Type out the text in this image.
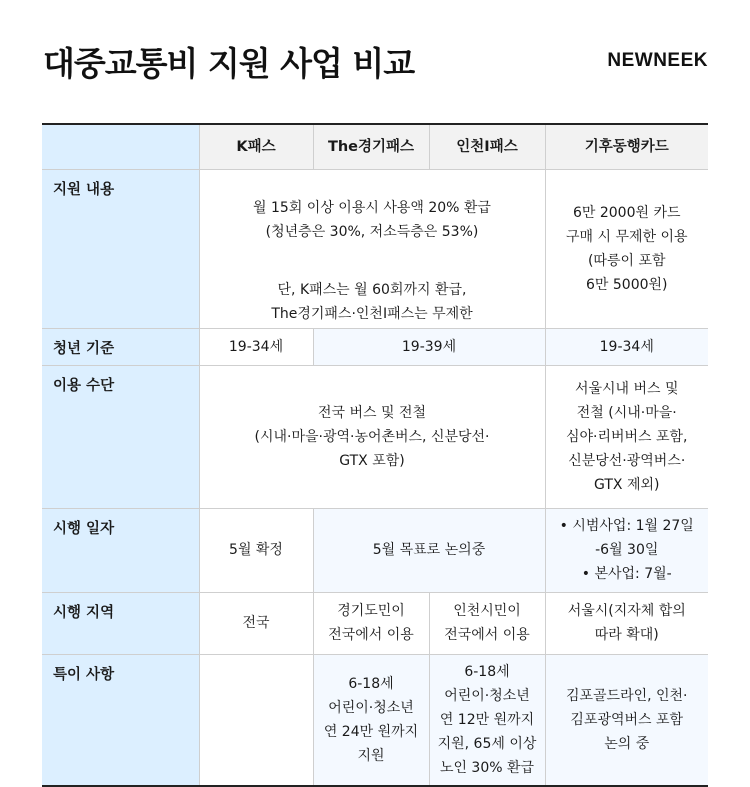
대중교통비 지원 사업 비교	NEWNEEK
	K패스	The경기패스	인천I패스	기후동행카드
지원 내용	월 15회 이상 이용시 사용액 20% 환급
(청년층은 30%, 저소득층은 53%)

단, K패스는 월 60회까지 환급,
The경기패스·인천I패스는 무제한			6만 2000원 카드
구매 시 무제한 이용
(따릉이 포함
6만 5000원)
청년 기준	19-34세	19-39세		19-34세
이용 수단	전국 버스 및 전철
(시내·마을·광역·농어촌버스, 신분당선·
GTX 포함)			서울시내 버스 및
전철 (시내·마을·
심야·리버버스 포함,
신분당선·광역버스·
GTX 제외)
시행 일자	5월 확정	5월 목표로 논의중		• 시범사업: 1월 27일
-6월 30일
• 본사업: 7월-
시행 지역	전국	경기도민이
전국에서 이용	인천시민이
전국에서 이용	서울시(지자체 합의
따라 확대)
특이 사항		6-18세
어린이·청소년
연 24만 원까지
지원	6-18세
어린이·청소년
연 12만 원까지
지원, 65세 이상
노인 30% 환급	김포골드라인, 인천·
김포광역버스 포함
논의 중
